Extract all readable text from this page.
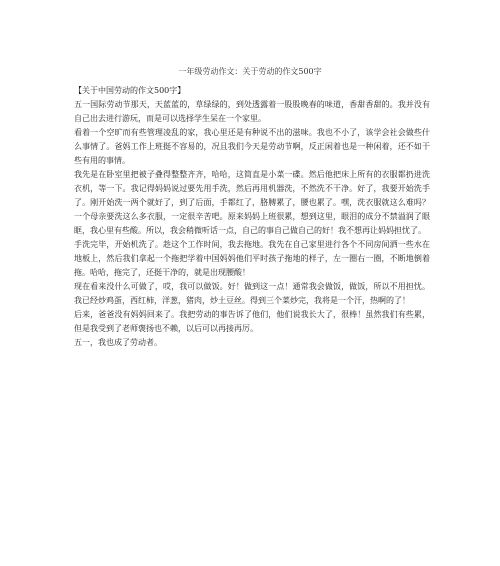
一年级劳动作文：关于劳动的作文500字

【关于中国劳动的作文500字】

五一国际劳动节那天，天蓝蓝的，草绿绿的，到处透露着一股股晚春的味道，香甜香甜的。我并没有自己出去进行游玩，而是可以选择学生呆在一个家里。

看着一个空旷而有些管理凌乱的家，我心里还是有种说不出的滋味。我也不小了，该学会社会做些什么事情了。爸妈工作上班挺不容易的，况且我们今天是劳动节啊，反正闲着也是一种闲着，还不如干些有用的事情。

我先是在卧室里把被子叠得整整齐齐，哈哈，这简直是小菜一碟。然后他把床上所有的衣服都扔进洗衣机，等一下。我记得妈妈说过要先用手洗，然后再用机器洗，不然洗不干净。好了，我要开始洗手了。刚开始洗一两个就好了，到了后面，手都红了，胳膊累了，腰也累了。嘿，洗衣服就这么难吗？一个母亲要洗这么多衣服，一定很辛苦吧。原来妈妈上班很累，想到这里，眼泪的成分不禁溢润了眼眶，我心里有些酸。所以，我会稍微听话一点，自己的事自己做自己的好！我不想再让妈妈担忧了。

手洗完毕，开始机洗了。趁这个工作时间，我去拖地。我先在自己家里进行各个不同房间洒一些水在地板上，然后我们拿起一个拖把学着中国妈妈他们平时孩子拖地的样子，左一圈右一圈，不断地倒着拖。哈哈，拖完了，还挺干净的，就是出现腰酸！

现在看来没什么可做了，哎，我可以做饭。好！做到这一点！通常我会做饭，做饭，所以不用担忧。我已经炒鸡蛋，西红柿，洋葱，猪肉，炒土豆丝。得到三个菜炒完，我将是一个汗，热啊的了！

后来，爸爸没有妈妈回来了。我把劳动的事告诉了他们，他们说我长大了，很棒！虽然我们有些累，但是我受到了老师褒扬也不赖，以后可以再接再厉。

五一，我也成了劳动者。
